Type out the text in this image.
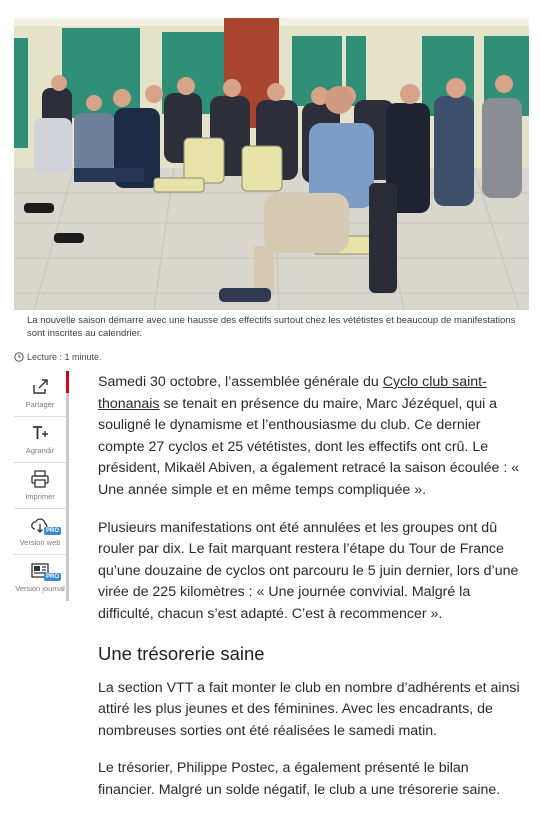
La nouvelle saison démarre avec une hausse des effectifs surtout chez les vététistes et beaucoup de manifestations sont inscrites au calendrier.
Lecture : 1 minute.
Partager
Agrandir
Imprimer
PRO
Version web
PRO
Version journal

Samedi 30 octobre, l’assemblée générale du Cyclo club saint-thonanais se tenait en présence du maire, Marc Jézéquel, qui a souligné le dynamisme et l’enthousiasme du club. Ce dernier compte 27 cyclos et 25 vététistes, dont les effectifs ont crû. Le président, Mikaël Abiven, a également retracé la saison écoulée : « Une année simple et en même temps compliquée ».

Plusieurs manifestations ont été annulées et les groupes ont dû rouler par dix. Le fait marquant restera l’étape du Tour de France qu’une douzaine de cyclos ont parcouru le 5 juin dernier, lors d’une virée de 225 kilomètres : « Une journée convivial. Malgré la difficulté, chacun s’est adapté. C’est à recommencer ».

Une trésorerie saine

La section VTT a fait monter le club en nombre d’adhérents et ainsi attiré les plus jeunes et des féminines. Avec les encadrants, de nombreuses sorties ont été réalisées le samedi matin.

Le trésorier, Philippe Postec, a également présenté le bilan financier. Malgré un solde négatif, le club a une trésorerie saine.
